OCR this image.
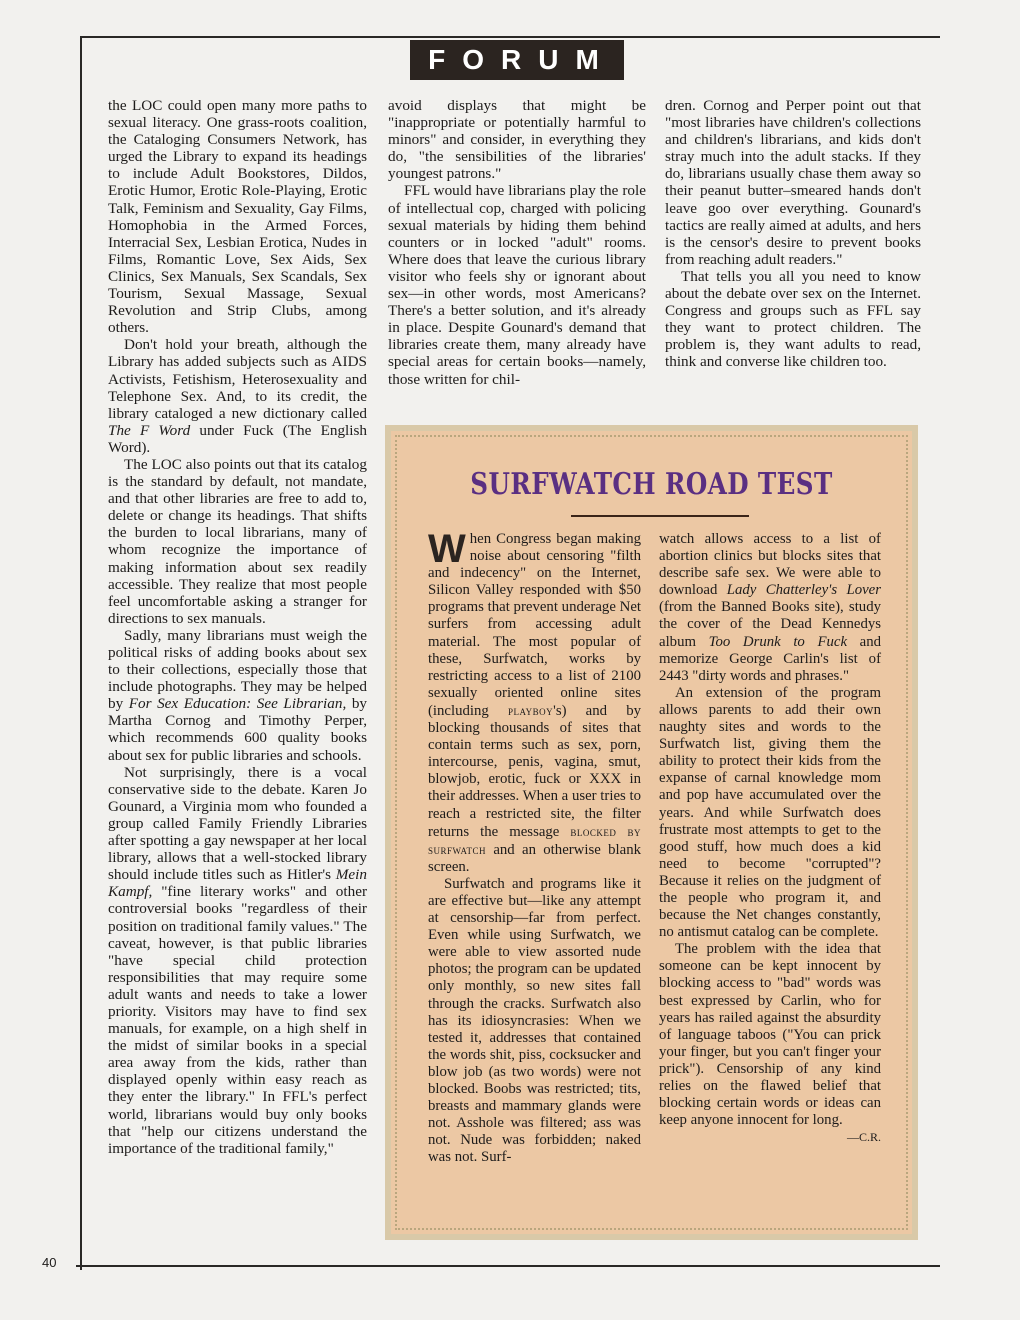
FORUM

the LOC could open many more paths to sexual literacy. One grass-roots coalition, the Cataloging Consumers Network, has urged the Library to expand its headings to include Adult Bookstores, Dildos, Erotic Humor, Erotic Role-Playing, Erotic Talk, Feminism and Sexuality, Gay Films, Homophobia in the Armed Forces, Interracial Sex, Lesbian Erotica, Nudes in Films, Romantic Love, Sex Aids, Sex Clinics, Sex Manuals, Sex Scandals, Sex Tourism, Sexual Massage, Sexual Revolution and Strip Clubs, among others.

Don't hold your breath, although the Library has added subjects such as AIDS Activists, Fetishism, Heterosexuality and Telephone Sex. And, to its credit, the library cataloged a new dictionary called The F Word under Fuck (The English Word).

The LOC also points out that its catalog is the standard by default, not mandate, and that other libraries are free to add to, delete or change its headings. That shifts the burden to local librarians, many of whom recognize the importance of making information about sex readily accessible. They realize that most people feel uncomfortable asking a stranger for directions to sex manuals.

Sadly, many librarians must weigh the political risks of adding books about sex to their collections, especially those that include photographs. They may be helped by For Sex Education: See Librarian, by Martha Cornog and Timothy Perper, which recommends 600 quality books about sex for public libraries and schools.

Not surprisingly, there is a vocal conservative side to the debate. Karen Jo Gounard, a Virginia mom who founded a group called Family Friendly Libraries after spotting a gay newspaper at her local library, allows that a well-stocked library should include titles such as Hitler's Mein Kampf, "fine literary works" and other controversial books "regardless of their position on traditional family values." The caveat, however, is that public libraries "have special child protection responsibilities that may require some adult wants and needs to take a lower priority. Visitors may have to find sex manuals, for example, on a high shelf in the midst of similar books in a special area away from the kids, rather than displayed openly within easy reach as they enter the library." In FFL's perfect world, librarians would buy only books that "help our citizens understand the importance of the traditional family,"

avoid displays that might be "inappropriate or potentially harmful to minors" and consider, in everything they do, "the sensibilities of the libraries' youngest patrons."

FFL would have librarians play the role of intellectual cop, charged with policing sexual materials by hiding them behind counters or in locked "adult" rooms. Where does that leave the curious library visitor who feels shy or ignorant about sex—in other words, most Americans? There's a better solution, and it's already in place. Despite Gounard's demand that libraries create them, many already have special areas for certain books—namely, those written for chil-

dren. Cornog and Perper point out that "most libraries have children's collections and children's librarians, and kids don't stray much into the adult stacks. If they do, librarians usually chase them away so their peanut butter–smeared hands don't leave goo over everything. Gounard's tactics are really aimed at adults, and hers is the censor's desire to prevent books from reaching adult readers."

That tells you all you need to know about the debate over sex on the Internet. Congress and groups such as FFL say they want to protect children. The problem is, they want adults to read, think and converse like children too.

SURFWATCH ROAD TEST

When Congress began making noise about censoring "filth and indecency" on the Internet, Silicon Valley responded with $50 programs that prevent underage Net surfers from accessing adult material. The most popular of these, Surfwatch, works by restricting access to a list of 2100 sexually oriented online sites (including playboy's) and by blocking thousands of sites that contain terms such as sex, porn, intercourse, penis, vagina, smut, blowjob, erotic, fuck or XXX in their addresses. When a user tries to reach a restricted site, the filter returns the message blocked by surfwatch and an otherwise blank screen.

Surfwatch and programs like it are effective but—like any attempt at censorship—far from perfect. Even while using Surfwatch, we were able to view assorted nude photos; the program can be updated only monthly, so new sites fall through the cracks. Surfwatch also has its idiosyncrasies: When we tested it, addresses that contained the words shit, piss, cocksucker and blow job (as two words) were not blocked. Boobs was restricted; tits, breasts and mammary glands were not. Asshole was filtered; ass was not. Nude was forbidden; naked was not. Surf-

watch allows access to a list of abortion clinics but blocks sites that describe safe sex. We were able to download Lady Chatterley's Lover (from the Banned Books site), study the cover of the Dead Kennedys album Too Drunk to Fuck and memorize George Carlin's list of 2443 "dirty words and phrases."

An extension of the program allows parents to add their own naughty sites and words to the Surfwatch list, giving them the ability to protect their kids from the expanse of carnal knowledge mom and pop have accumulated over the years. And while Surfwatch does frustrate most attempts to get to the good stuff, how much does a kid need to become "corrupted"? Because it relies on the judgment of the people who program it, and because the Net changes constantly, no antismut catalog can be complete.

The problem with the idea that someone can be kept innocent by blocking access to "bad" words was best expressed by Carlin, who for years has railed against the absurdity of language taboos ("You can prick your finger, but you can't finger your prick"). Censorship of any kind relies on the flawed belief that blocking certain words or ideas can keep anyone innocent for long.
—C.R.

40
